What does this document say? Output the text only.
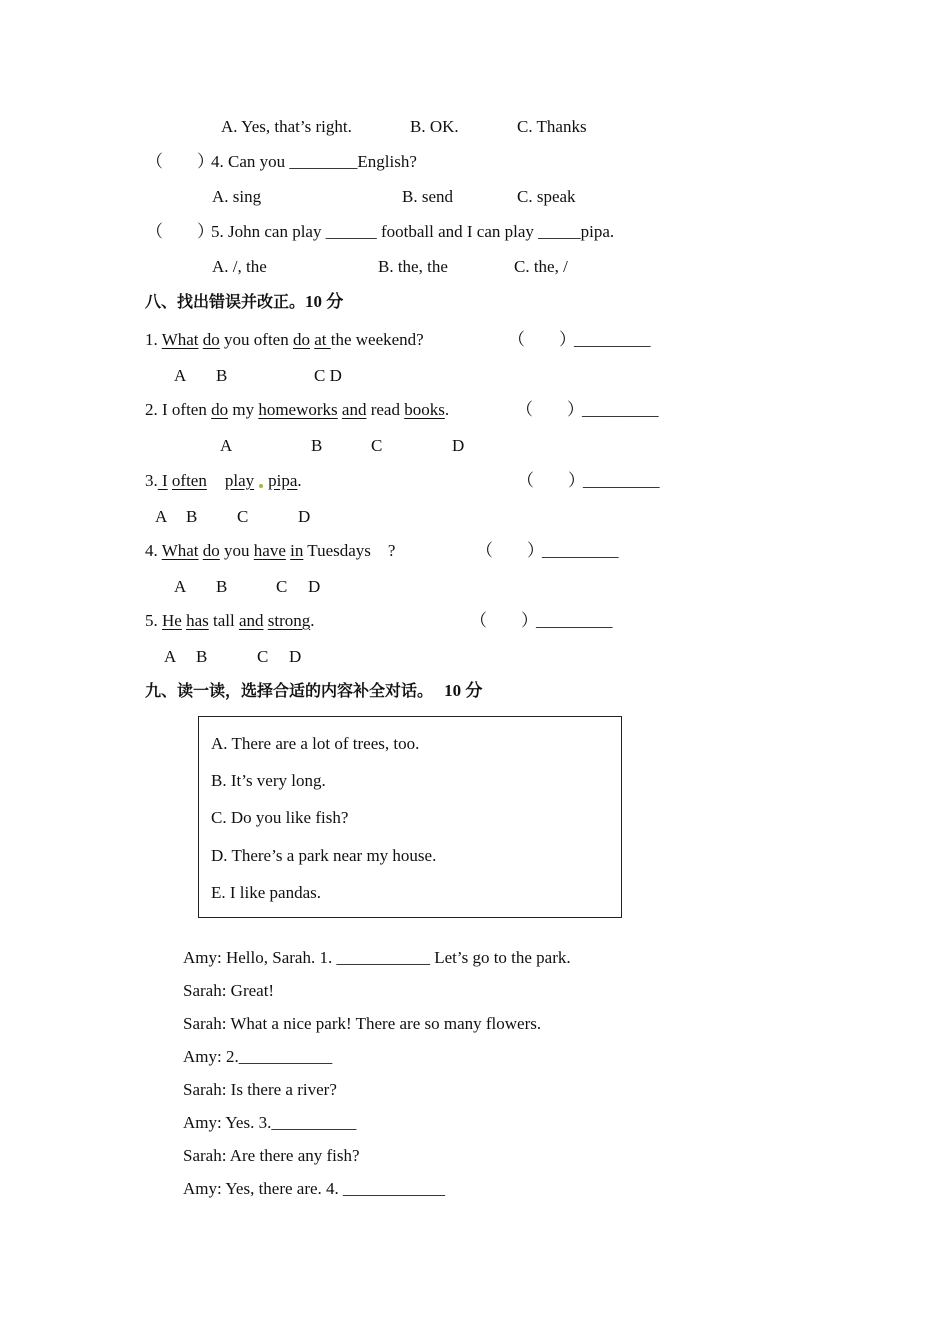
A. Yes, that’s right.	B. OK.	C. Thanks
（　　）
4. Can you ________English?
A. sing	B. send	C. speak
（　　）
5. John can play ______ football and I can play _____pipa.
A. /, the	B. the, the	C. the, /
八、找出错误并改正。10 分
1. What do you often do at the weekend?	（　　）
_________
A B	C D
2. I often do my homeworks and read books.	（　　）
_________
A	B	C	D
3. I often play pipa.	（　　）
_________
A B C	D
4. What do you have in Tuesdays　?	（　　）
_________
A B	C D
5. He has tall and strong.	（　　）
_________
A B	C D
九、读一读，选择合适的内容补全对话。 10 分
A. There are a lot of trees, too.
B. It’s very long.
C. Do you like fish?
D. There’s a park near my house.
E. I like pandas.
Amy: Hello, Sarah. 1. ___________ Let’s go to the park.
Sarah: Great!
Sarah: What a nice park! There are so many flowers.
Amy: 2.___________
Sarah: Is there a river?
Amy: Yes. 3.__________
Sarah: Are there any fish?
Amy: Yes, there are. 4. ____________
